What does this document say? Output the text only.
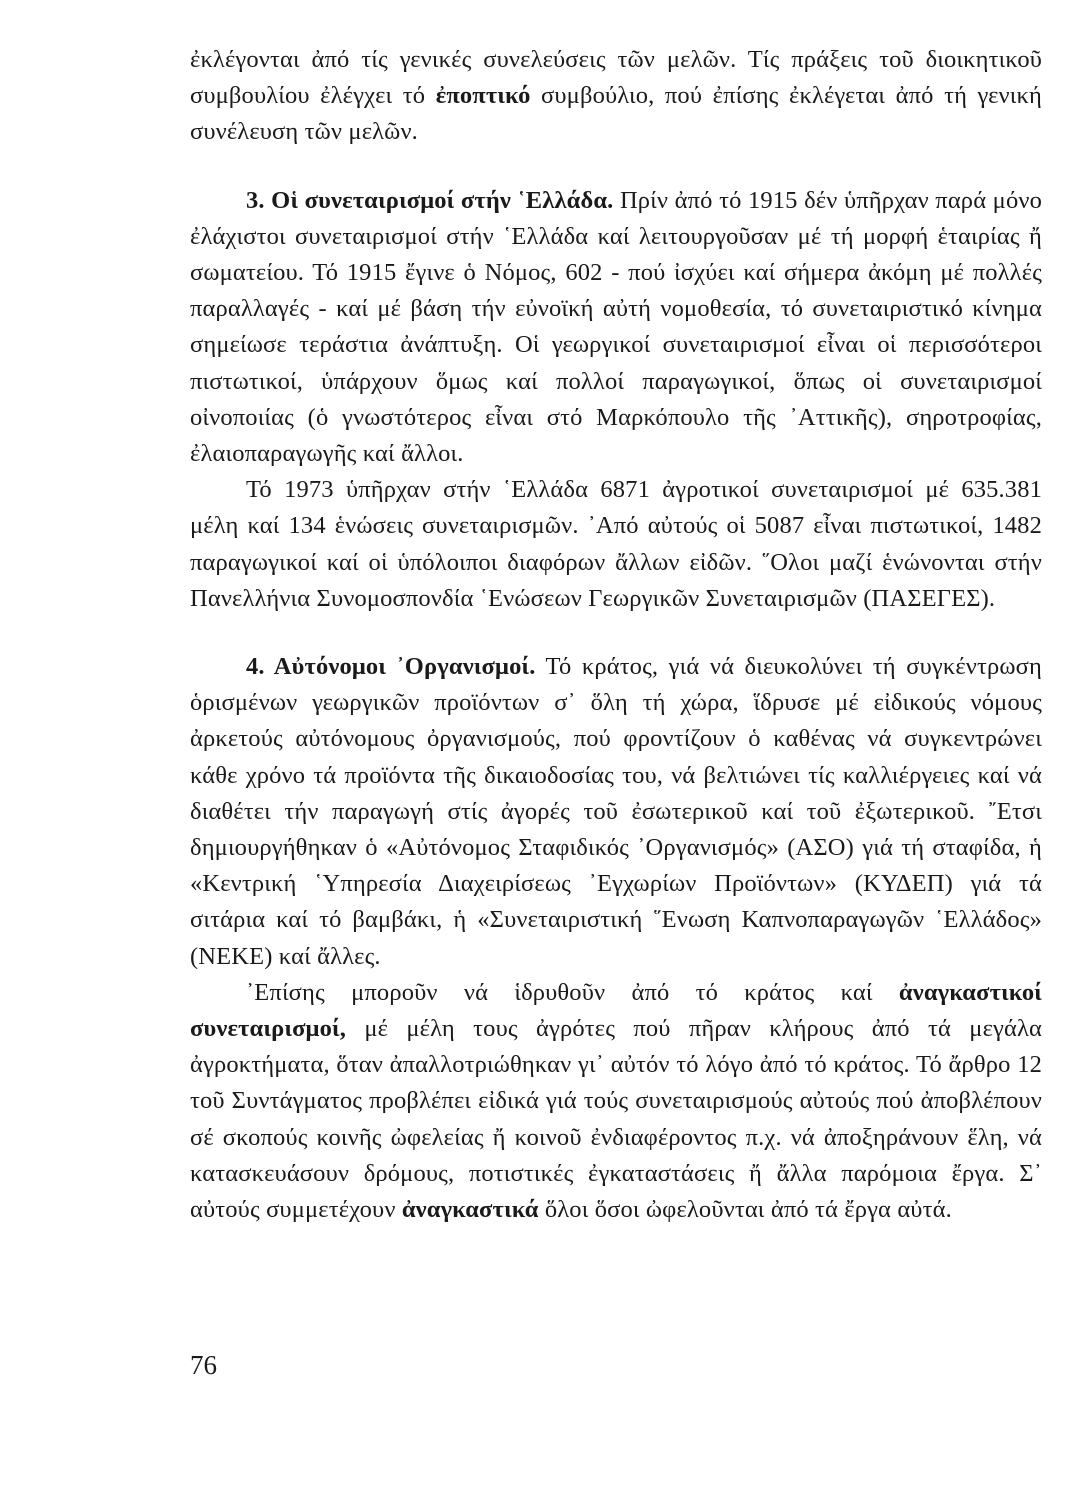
ἐκλέγονται ἀπό τίς γενικές συνελεύσεις τῶν μελῶν. Τίς πράξεις τοῦ διοικητικοῦ συμβουλίου ἐλέγχει τό ἐποπτικό συμβούλιο, πού ἐπίσης ἐκλέγεται ἀπό τή γενική συνέλευση τῶν μελῶν.

3. Οἱ συνεταιρισμοί στήν ῾Ελλάδα. Πρίν ἀπό τό 1915 δέν ὑπῆρχαν παρά μόνο ἐλάχιστοι συνεταιρισμοί στήν ῾Ελλάδα καί λειτουργοῦσαν μέ τή μορφή ἑταιρίας ἤ σωματείου. Τό 1915 ἔγινε ὁ Νόμος, 602 - πού ἰσχύει καί σήμερα ἀκόμη μέ πολλές παραλλαγές - καί μέ βάση τήν εὐνοϊκή αὐτή νομοθεσία, τό συνεταιριστικό κίνημα σημείωσε τεράστια ἀνάπτυξη. Οἱ γεωργικοί συνεταιρισμοί εἶναι οἱ περισσότεροι πιστωτικοί, ὑπάρχουν ὅμως καί πολλοί παραγωγικοί, ὅπως οἱ συνεταιρισμοί οἰνοποιίας (ὁ γνωστότερος εἶναι στό Μαρκόπουλο τῆς ᾿Αττικῆς), σηροτροφίας, ἐλαιοπαραγωγῆς καί ἄλλοι.

Τό 1973 ὑπῆρχαν στήν ῾Ελλάδα 6871 ἀγροτικοί συνεταιρισμοί μέ 635.381 μέλη καί 134 ἑνώσεις συνεταιρισμῶν. ᾿Από αὐτούς οἱ 5087 εἶναι πιστωτικοί, 1482 παραγωγικοί καί οἱ ὑπόλοιποι διαφόρων ἄλλων εἰδῶν. ῞Ολοι μαζί ἑνώνονται στήν Πανελλήνια Συνομοσπονδία ῾Ενώσεων Γεωργικῶν Συνεταιρισμῶν (ΠΑΣΕΓΕΣ).

4. Αὐτόνομοι ᾿Οργανισμοί. Τό κράτος, γιά νά διευκολύνει τή συγκέντρωση ὁρισμένων γεωργικῶν προϊόντων σ᾿ ὅλη τή χώρα, ἵδρυσε μέ εἰδικούς νόμους ἀρκετούς αὐτόνομους ὀργανισμούς, πού φροντίζουν ὁ καθένας νά συγκεντρώνει κάθε χρόνο τά προϊόντα τῆς δικαιοδοσίας του, νά βελτιώνει τίς καλλιέργειες καί νά διαθέτει τήν παραγωγή στίς ἀγορές τοῦ ἐσωτερικοῦ καί τοῦ ἐξωτερικοῦ. ῎Ετσι δημιουργήθηκαν ὁ «Αὐτόνομος Σταφιδικός ᾿Οργανισμός» (ΑΣΟ) γιά τή σταφίδα, ἡ «Κεντρική ῾Υπηρεσία Διαχειρίσεως ᾿Εγχωρίων Προϊόντων» (ΚΥΔΕΠ) γιά τά σιτάρια καί τό βαμβάκι, ἡ «Συνεταιριστική ῞Ενωση Καπνοπαραγωγῶν ῾Ελλάδος» (ΝΕΚΕ) καί ἄλλες.

᾿Επίσης μποροῦν νά ἱδρυθοῦν ἀπό τό κράτος καί ἀναγκαστικοί συνεταιρισμοί, μέ μέλη τους ἀγρότες πού πῆραν κλήρους ἀπό τά μεγάλα ἀγροκτήματα, ὅταν ἀπαλλοτριώθηκαν γι᾿ αὐτόν τό λόγο ἀπό τό κράτος. Τό ἄρθρο 12 τοῦ Συντάγματος προβλέπει εἰδικά γιά τούς συνεταιρισμούς αὐτούς πού ἀποβλέπουν σέ σκοπούς κοινῆς ὠφελείας ἤ κοινοῦ ἐνδιαφέροντος π.χ. νά ἀποξηράνουν ἕλη, νά κατασκευάσουν δρόμους, ποτιστικές ἐγκαταστάσεις ἤ ἄλλα παρόμοια ἔργα. Σ᾿ αὐτούς συμμετέχουν ἀναγκαστικά ὅλοι ὅσοι ὠφελοῦνται ἀπό τά ἔργα αὐτά.

76
